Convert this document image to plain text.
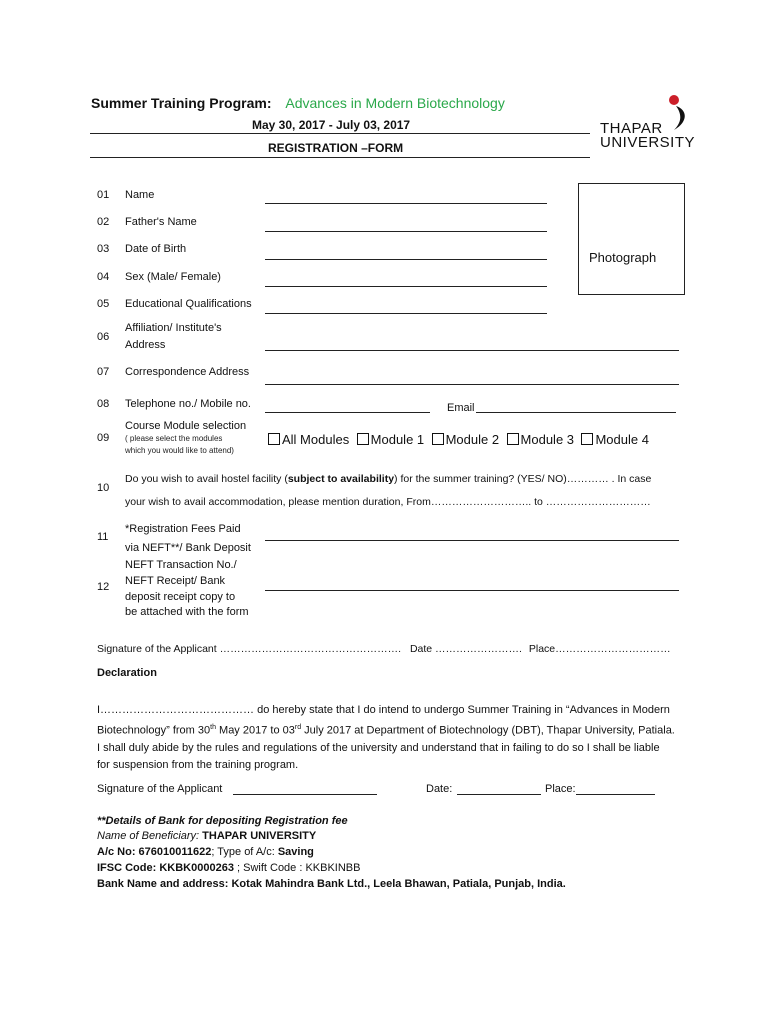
Summer Training Program: Advances in Modern Biotechnology
May 30, 2017 - July 03, 2017
REGISTRATION –FORM
THAPAR
UNIVERSITY
Photograph
01 Name
02 Father's Name
03 Date of Birth
04 Sex (Male/ Female)
05 Educational Qualifications
06
Affiliation/ Institute's
Address
07 Correspondence Address
08 Telephone no./ Mobile no.	Email
09
Course Module selection
( please select the modules
which you would like to attend)
All Modules Module 1 Module 2 Module 3 Module 4
10
Do you wish to avail hostel facility (subject to availability) for the summer training? (YES/ NO)………… . In case
your wish to avail accommodation, please mention duration, From……………………….. to …………………………
11
*Registration Fees Paid
via NEFT**/ Bank Deposit
12
NEFT Transaction No./
NEFT Receipt/ Bank
deposit receipt copy to
be attached with the form
Signature of the Applicant ……………………………………………. Date ……………………. Place……………………………
Declaration
I…………………………………… do hereby state that I do intend to undergo Summer Training in “Advances in Modern
Biotechnology” from 30th May 2017 to 03rd July 2017 at Department of Biotechnology (DBT), Thapar University, Patiala.
I shall duly abide by the rules and regulations of the university and understand that in failing to do so I shall be liable
for suspension from the training program.
Signature of the Applicant	Date:	Place:
**Details of Bank for depositing Registration fee
Name of Beneficiary: THAPAR UNIVERSITY
A/c No: 676010011622; Type of A/c: Saving
IFSC Code: KKBK0000263 ; Swift Code : KKBKINBB
Bank Name and address: Kotak Mahindra Bank Ltd., Leela Bhawan, Patiala, Punjab, India.
